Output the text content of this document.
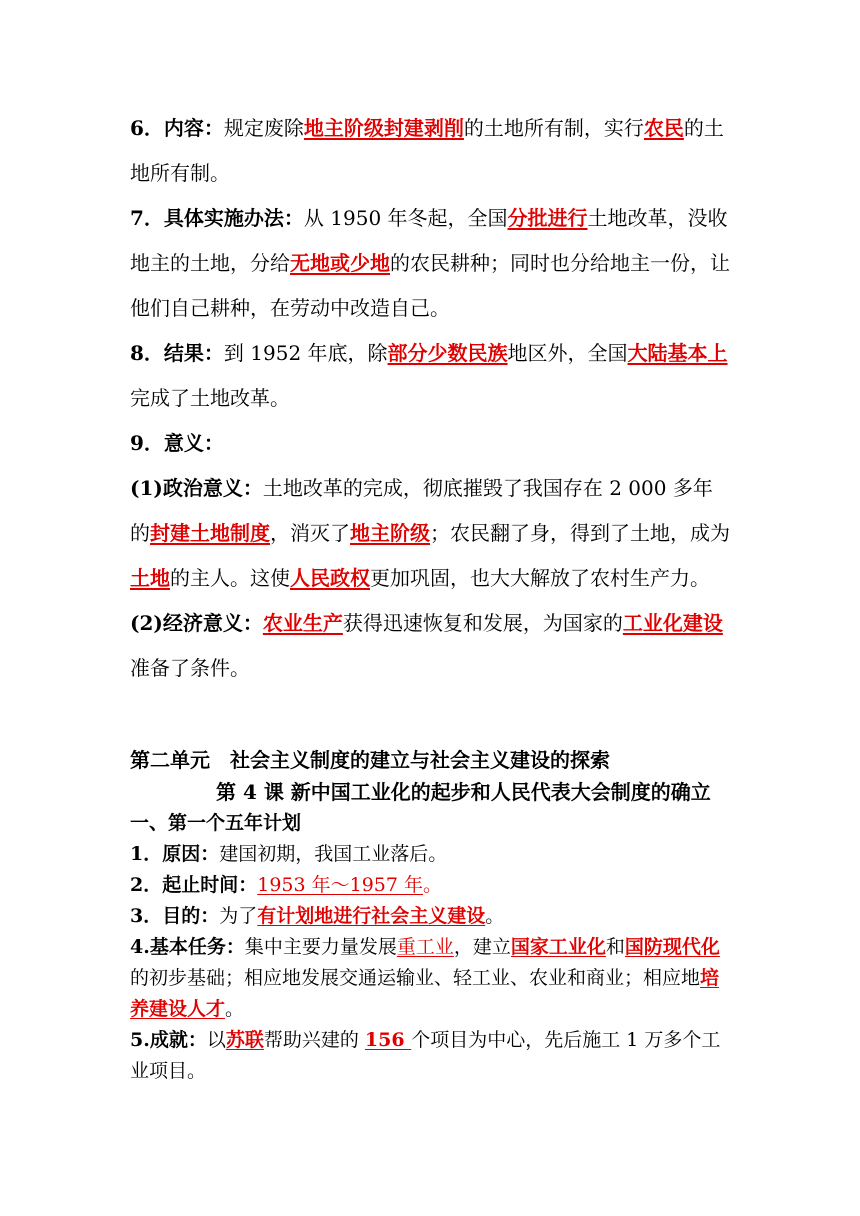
6．内容：规定废除地主阶级封建剥削的土地所有制，实行农民的土地所有制。

7．具体实施办法：从 1950 年冬起，全国分批进行土地改革，没收地主的土地，分给无地或少地的农民耕种；同时也分给地主一份，让他们自己耕种，在劳动中改造自己。

8．结果：到 1952 年底，除部分少数民族地区外，全国大陆基本上完成了土地改革。

9．意义：

(1)政治意义：土地改革的完成，彻底摧毁了我国存在 2 000 多年的封建土地制度，消灭了地主阶级；农民翻了身，得到了土地，成为土地的主人。这使人民政权更加巩固，也大大解放了农村生产力。

(2)经济意义：农业生产获得迅速恢复和发展，为国家的工业化建设准备了条件。

第二单元　社会主义制度的建立与社会主义建设的探索

第 4 课 新中国工业化的起步和人民代表大会制度的确立

一、第一个五年计划

1．原因：建国初期，我国工业落后。

2．起止时间：1953 年～1957 年。

3．目的：为了有计划地进行社会主义建设。

4.基本任务：集中主要力量发展重工业，建立国家工业化和国防现代化的初步基础；相应地发展交通运输业、轻工业、农业和商业；相应地培养建设人才。

5.成就：以苏联帮助兴建的 156 个项目为中心，先后施工 1 万多个工业项目。
